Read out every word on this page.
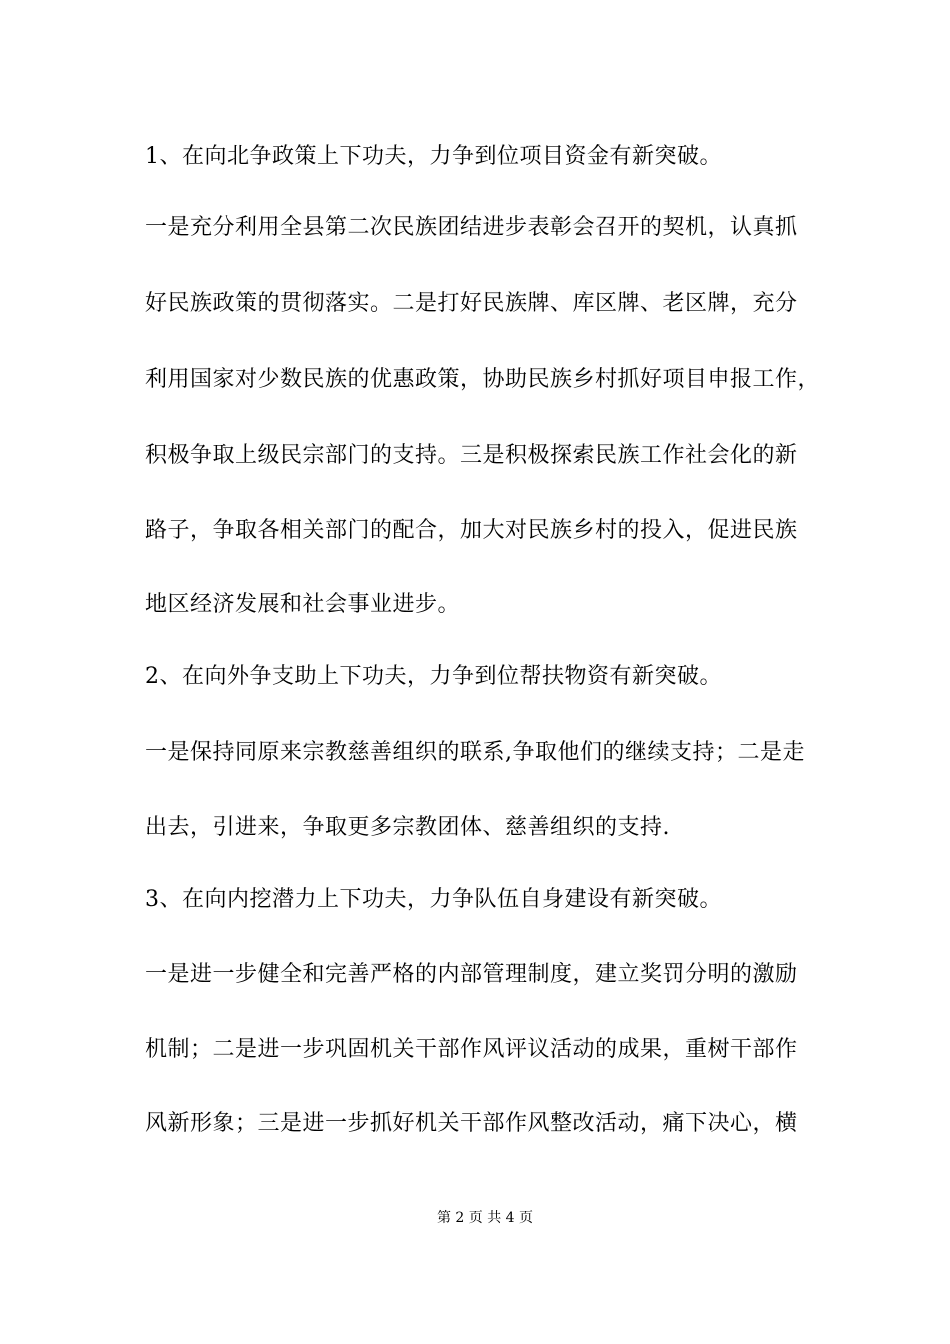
1、在向北争政策上下功夫，力争到位项目资金有新突破。
一是充分利用全县第二次民族团结进步表彰会召开的契机，认真抓
好民族政策的贯彻落实。二是打好民族牌、库区牌、老区牌，充分
利用国家对少数民族的优惠政策，协助民族乡村抓好项目申报工作，
积极争取上级民宗部门的支持。三是积极探索民族工作社会化的新
路子，争取各相关部门的配合，加大对民族乡村的投入，促进民族
地区经济发展和社会事业进步。
2、在向外争支助上下功夫，力争到位帮扶物资有新突破。
一是保持同原来宗教慈善组织的联系,争取他们的继续支持；二是走
出去，引进来，争取更多宗教团体、慈善组织的支持.
3、在向内挖潜力上下功夫，力争队伍自身建设有新突破。
一是进一步健全和完善严格的内部管理制度，建立奖罚分明的激励
机制；二是进一步巩固机关干部作风评议活动的成果，重树干部作
风新形象；三是进一步抓好机关干部作风整改活动，痛下决心，横
第 2 页 共 4 页
